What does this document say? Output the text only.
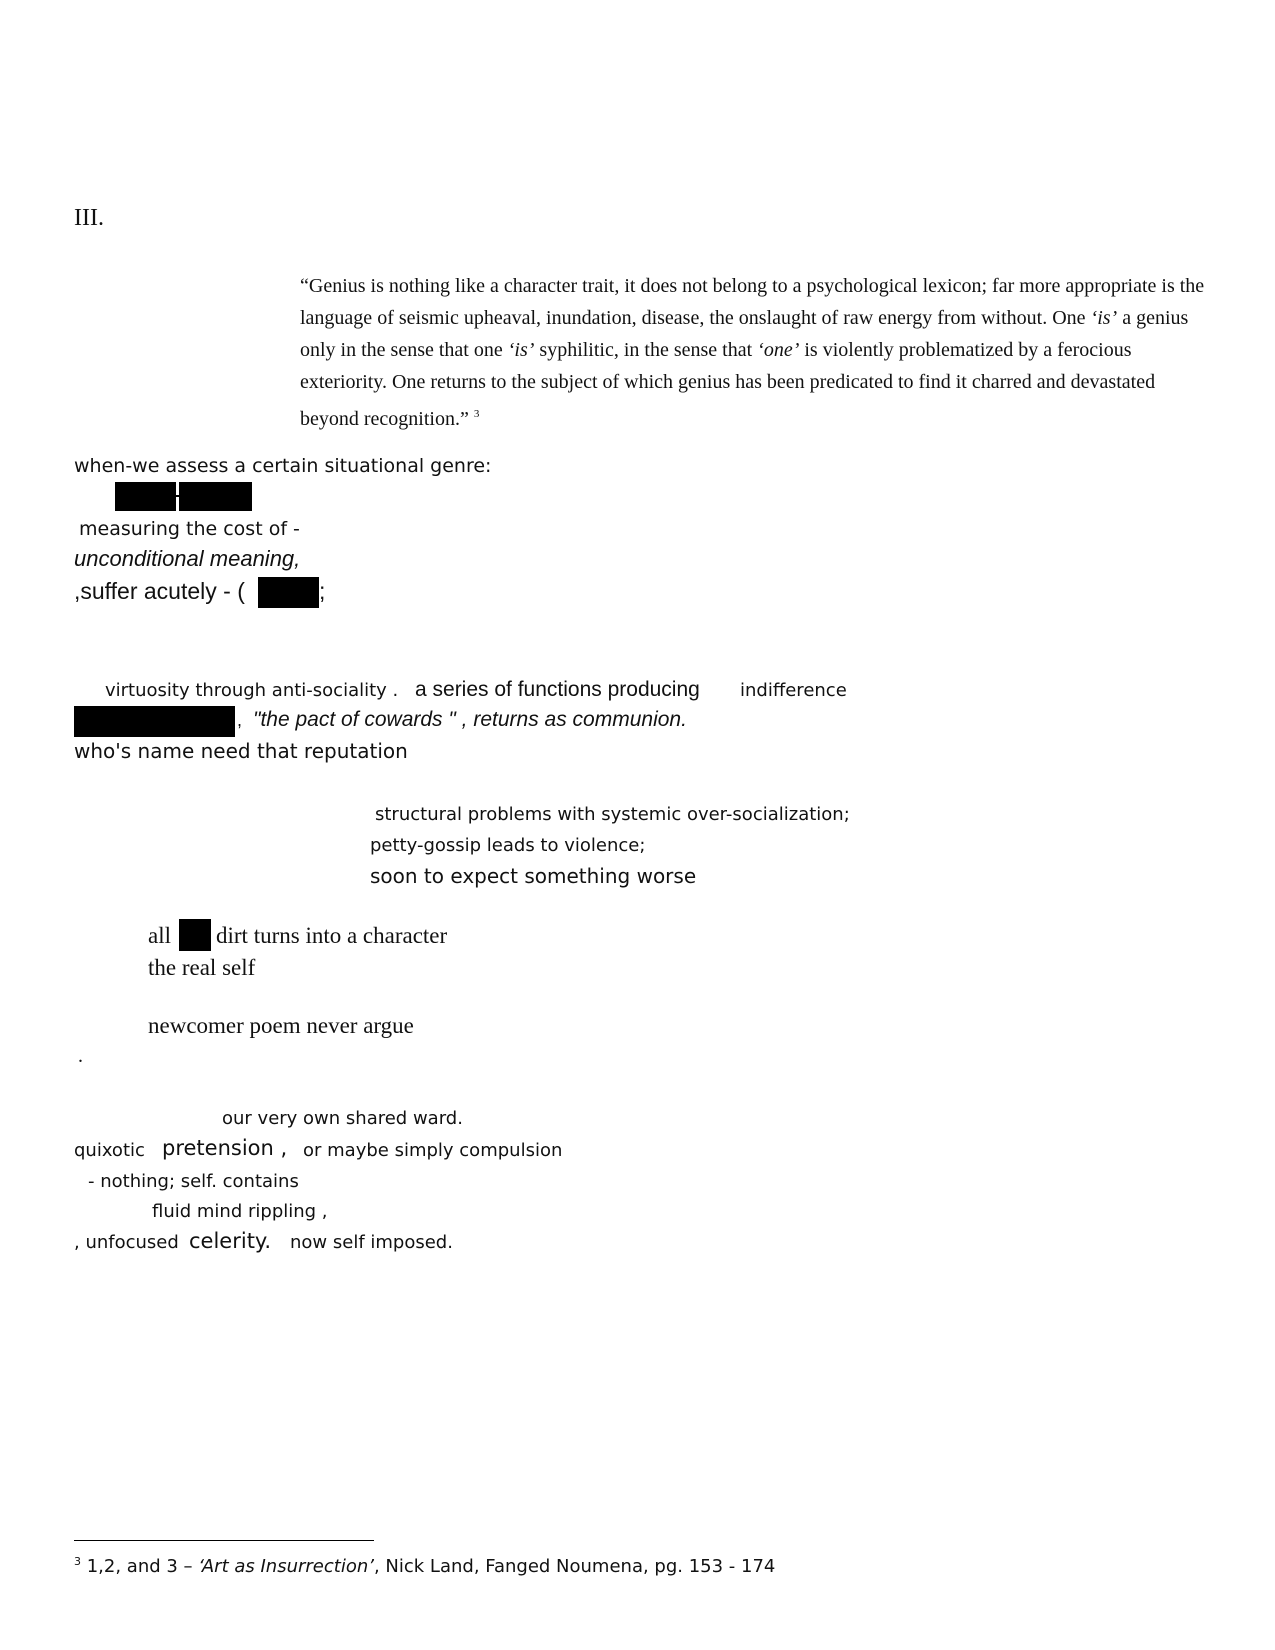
III.
“Genius is nothing like a character trait, it does not belong to a psychological lexicon; far more appropriate is the language of seismic upheaval, inundation, disease, the onslaught of raw energy from without. One ‘is’ a genius only in the sense that one ‘is’ syphilitic, in the sense that ‘one’ is violently problematized by a ferocious exteriority. One returns to the subject of which genius has been predicated to find it charred and devastated beyond recognition.” $^3$
when-we assess a certain situational genre:
measuring the cost of -
unconditional meaning,
,suffer acutely - (	;
virtuosity through anti-sociality . a series of functions producing indifference
, "the pact of cowards " , returns as communion.
who's name need that reputation
structural problems with systemic over-socialization;
petty-gossip leads to violence;
soon to expect something worse
all dirt turns into a character
the real self
newcomer poem never argue
.
our very own shared ward.
quixotic pretension , or maybe simply compulsion
- nothing; self. contains
fluid mind rippling ,
, unfocused celerity. now self imposed.
$^3$ 1,2, and 3 – ‘Art as Insurrection’, Nick Land, Fanged Noumena, pg. 153 - 174
